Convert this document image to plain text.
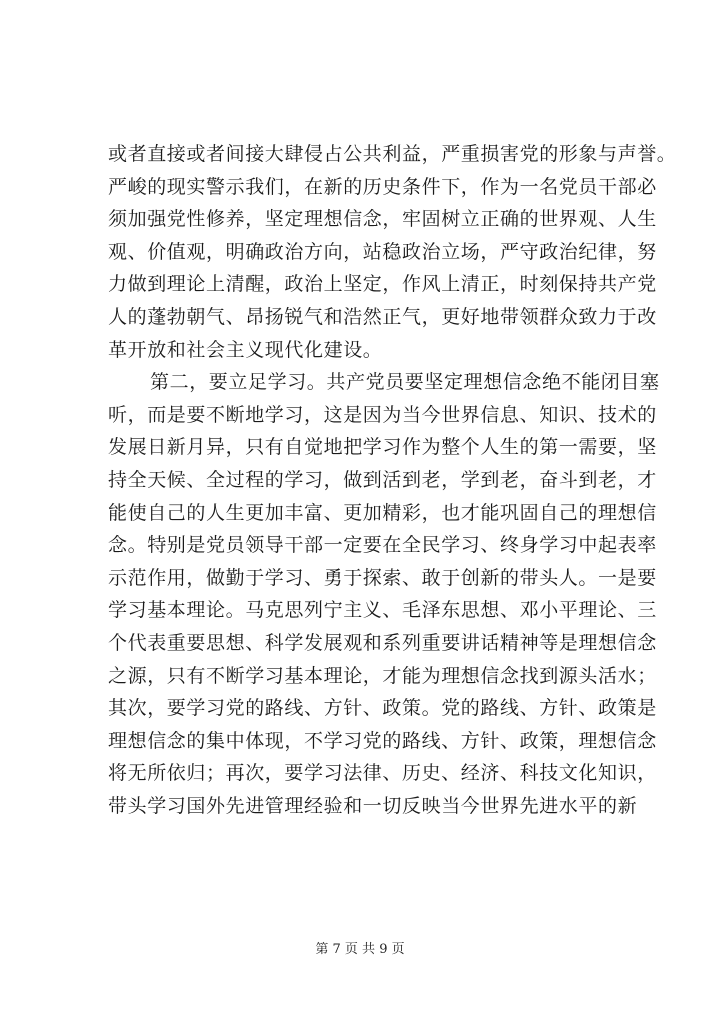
或者直接或者间接大肆侵占公共利益，严重损害党的形象与声誉。
严峻的现实警示我们，在新的历史条件下，作为一名党员干部必
须加强党性修养，坚定理想信念，牢固树立正确的世界观、人生
观、价值观，明确政治方向，站稳政治立场，严守政治纪律，努
力做到理论上清醒，政治上坚定，作风上清正，时刻保持共产党
人的蓬勃朝气、昂扬锐气和浩然正气，更好地带领群众致力于改
革开放和社会主义现代化建设。
第二，要立足学习。共产党员要坚定理想信念绝不能闭目塞
听，而是要不断地学习，这是因为当今世界信息、知识、技术的
发展日新月异，只有自觉地把学习作为整个人生的第一需要，坚
持全天候、全过程的学习，做到活到老，学到老，奋斗到老，才
能使自己的人生更加丰富、更加精彩，也才能巩固自己的理想信
念。特别是党员领导干部一定要在全民学习、终身学习中起表率
示范作用，做勤于学习、勇于探索、敢于创新的带头人。一是要
学习基本理论。马克思列宁主义、毛泽东思想、邓小平理论、三
个代表重要思想、科学发展观和系列重要讲话精神等是理想信念
之源，只有不断学习基本理论，才能为理想信念找到源头活水；
其次，要学习党的路线、方针、政策。党的路线、方针、政策是
理想信念的集中体现，不学习党的路线、方针、政策，理想信念
将无所依归；再次，要学习法律、历史、经济、科技文化知识，
带头学习国外先进管理经验和一切反映当今世界先进水平的新
第 7 页 共 9 页
